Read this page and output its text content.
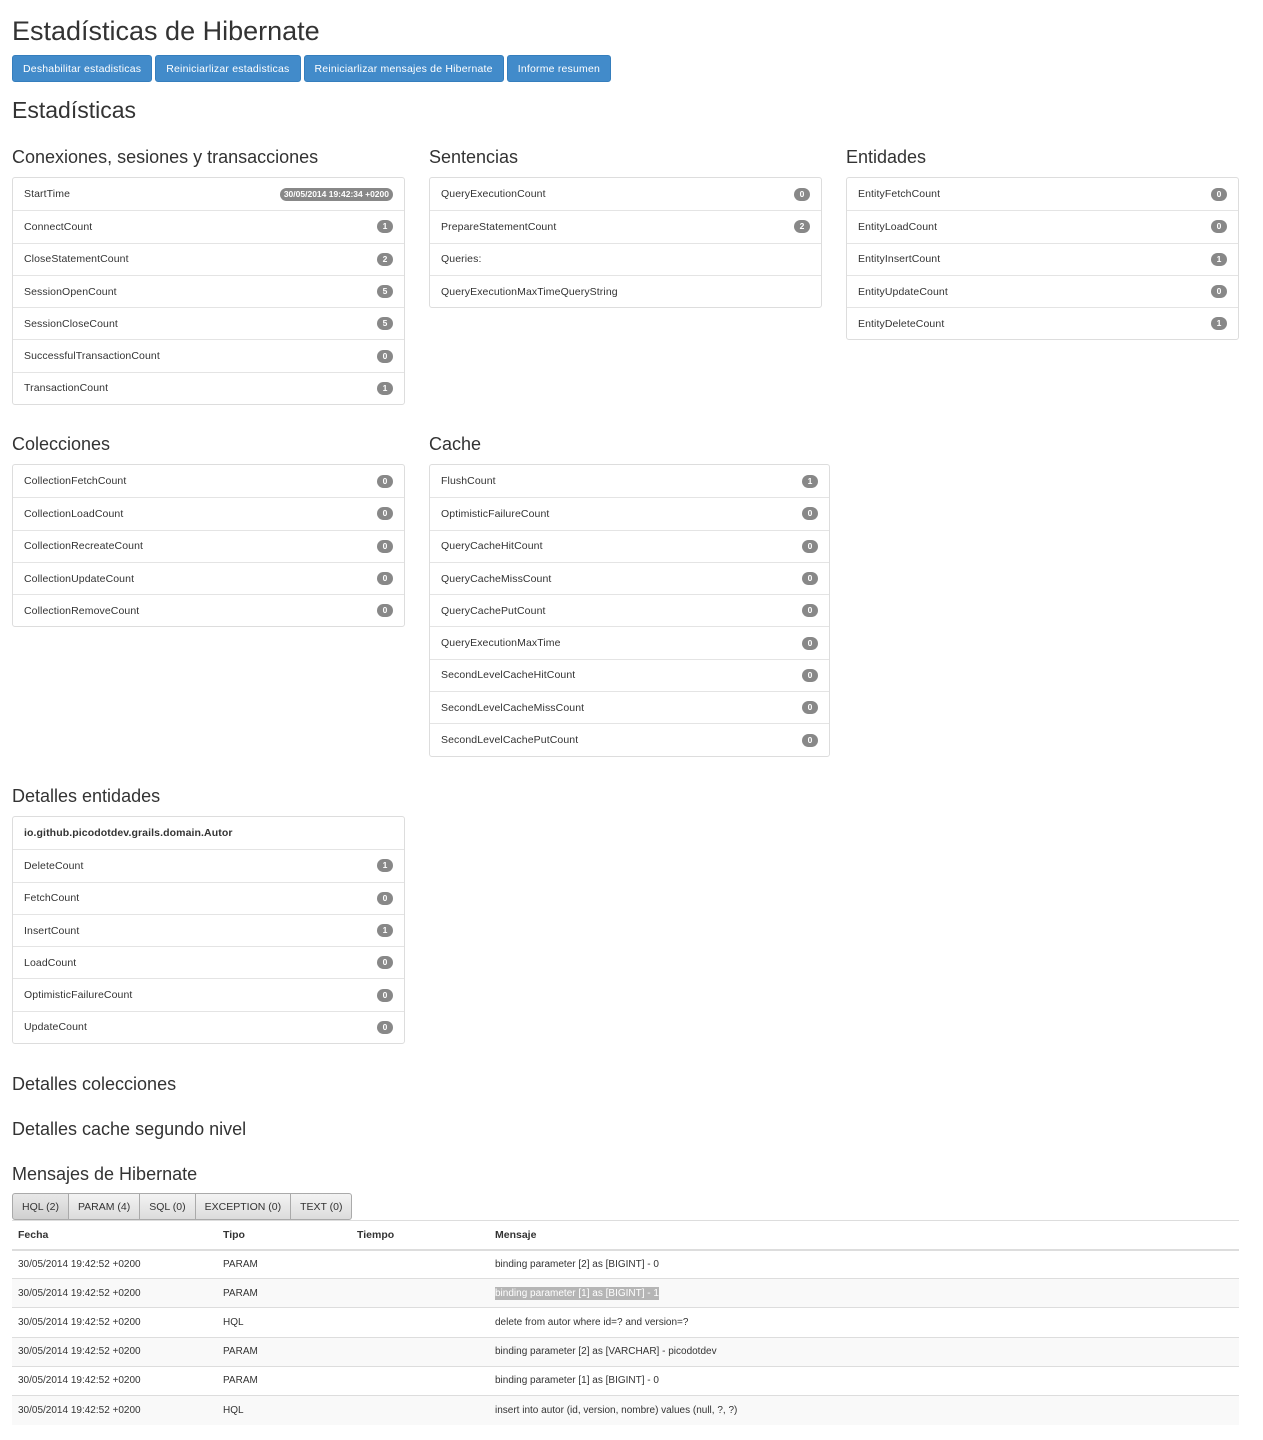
Estadísticas de Hibernate
Deshabilitar estadisticas	Reiniciarlizar estadisticas	Reiniciarlizar mensajes de Hibernate	Informe resumen
Estadísticas
Conexiones, sesiones y transacciones
StartTime	30/05/2014 19:42:34 +0200
ConnectCount	1
CloseStatementCount	2
SessionOpenCount	5
SessionCloseCount	5
SuccessfulTransactionCount	0
TransactionCount	1
Sentencias
QueryExecutionCount	0
PrepareStatementCount	2
Queries:
QueryExecutionMaxTimeQueryString
Entidades
EntityFetchCount	0
EntityLoadCount	0
EntityInsertCount	1
EntityUpdateCount	0
EntityDeleteCount	1
Colecciones
CollectionFetchCount	0
CollectionLoadCount	0
CollectionRecreateCount	0
CollectionUpdateCount	0
CollectionRemoveCount	0
Cache
FlushCount	1
OptimisticFailureCount	0
QueryCacheHitCount	0
QueryCacheMissCount	0
QueryCachePutCount	0
QueryExecutionMaxTime	0
SecondLevelCacheHitCount	0
SecondLevelCacheMissCount	0
SecondLevelCachePutCount	0
Detalles entidades
io.github.picodotdev.grails.domain.Autor
DeleteCount	1
FetchCount	0
InsertCount	1
LoadCount	0
OptimisticFailureCount	0
UpdateCount	0
Detalles colecciones
Detalles cache segundo nivel
Mensajes de Hibernate
HQL (2)	PARAM (4)	SQL (0)	EXCEPTION (0)	TEXT (0)
Fecha	Tipo	Tiempo	Mensaje
30/05/2014 19:42:52 +0200	PARAM		binding parameter [2] as [BIGINT] - 0
30/05/2014 19:42:52 +0200	PARAM		binding parameter [1] as [BIGINT] - 1
30/05/2014 19:42:52 +0200	HQL		delete from autor where id=? and version=?
30/05/2014 19:42:52 +0200	PARAM		binding parameter [2] as [VARCHAR] - picodotdev
30/05/2014 19:42:52 +0200	PARAM		binding parameter [1] as [BIGINT] - 0
30/05/2014 19:42:52 +0200	HQL		insert into autor (id, version, nombre) values (null, ?, ?)
